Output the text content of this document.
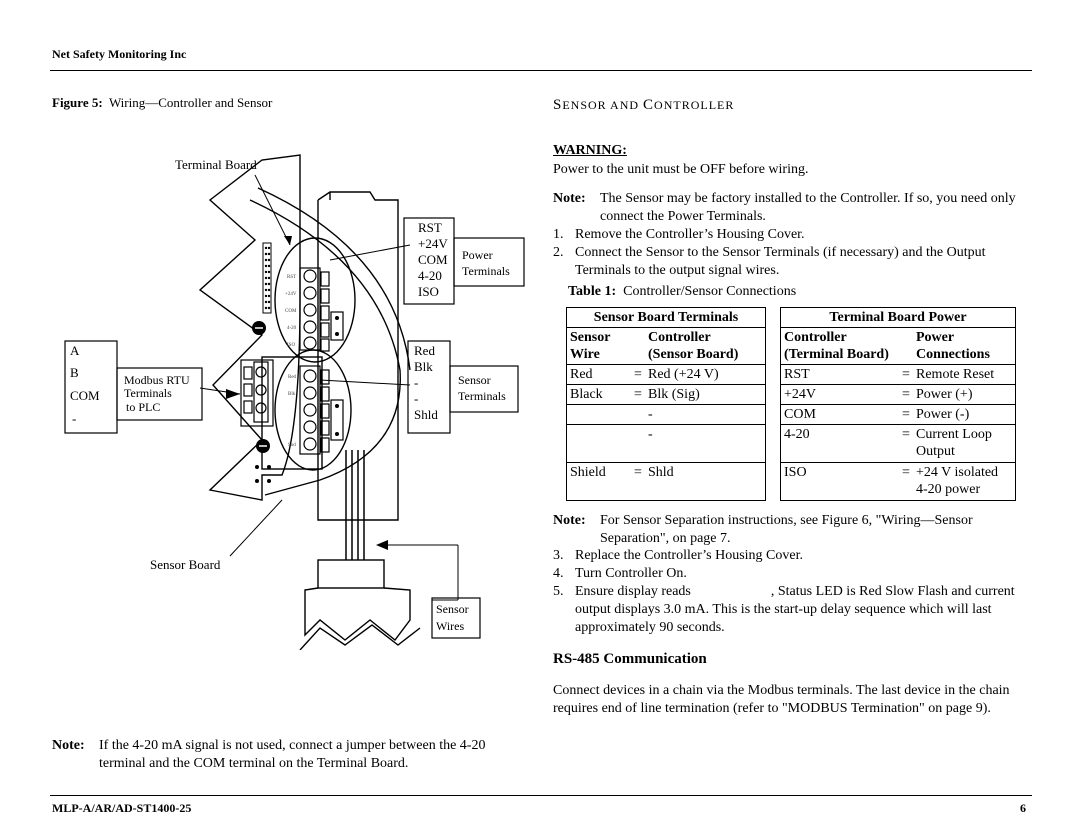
Net Safety Monitoring Inc
Figure 5: Wiring—Controller and Sensor
Terminal Board
Sensor Board
A
B
COM
-
Modbus RTU
Terminals
to PLC
RST
+24V
COM
4-20
ISO
Power
Terminals
Red
Blk
-
-
Shld
Sensor
Terminals
Sensor
Wires
RST
+24V
COM
4-20
ISO
Red
Blk
Shd
Note: If the 4-20 mA signal is not used, connect a jumper between the 4-20 terminal and the COM terminal on the Terminal Board.
SENSOR AND CONTROLLER
WARNING:
Power to the unit must be OFF before wiring.
Note: The Sensor may be factory installed to the Controller. If so, you need only connect the Power Terminals.
1. Remove the Controller’s Housing Cover.
2. Connect the Sensor to the Sensor Terminals (if necessary) and the Output Terminals to the output signal wires.
Table 1: Controller/Sensor Connections
Sensor Board Terminals		
Sensor
Wire		Controller
(Sensor Board)
Red	=	Red (+24 V)
Black	=	Blk (Sig)
		-
		-
Shield	=	Shld
Terminal Board Power		
Controller
(Terminal Board)		Power
Connections
RST	=	Remote Reset
+24V	=	Power (+)
COM	=	Power (-)
4-20	=	Current Loop Output
ISO	=	+24 V isolated 4-20 power
Note: For Sensor Separation instructions, see Figure 6, "Wiring—Sensor Separation", on page 7.
3. Replace the Controller’s Housing Cover.
4. Turn Controller On.
5. Ensure display reads	, Status LED is Red Slow Flash and current output displays 3.0 mA. This is the start-up delay sequence which will last approximately 90 seconds.
RS-485 Communication
Connect devices in a chain via the Modbus terminals. The last device in the chain requires end of line termination (refer to "MODBUS Termination" on page 9).
MLP-A/AR/AD-ST1400-25	6
